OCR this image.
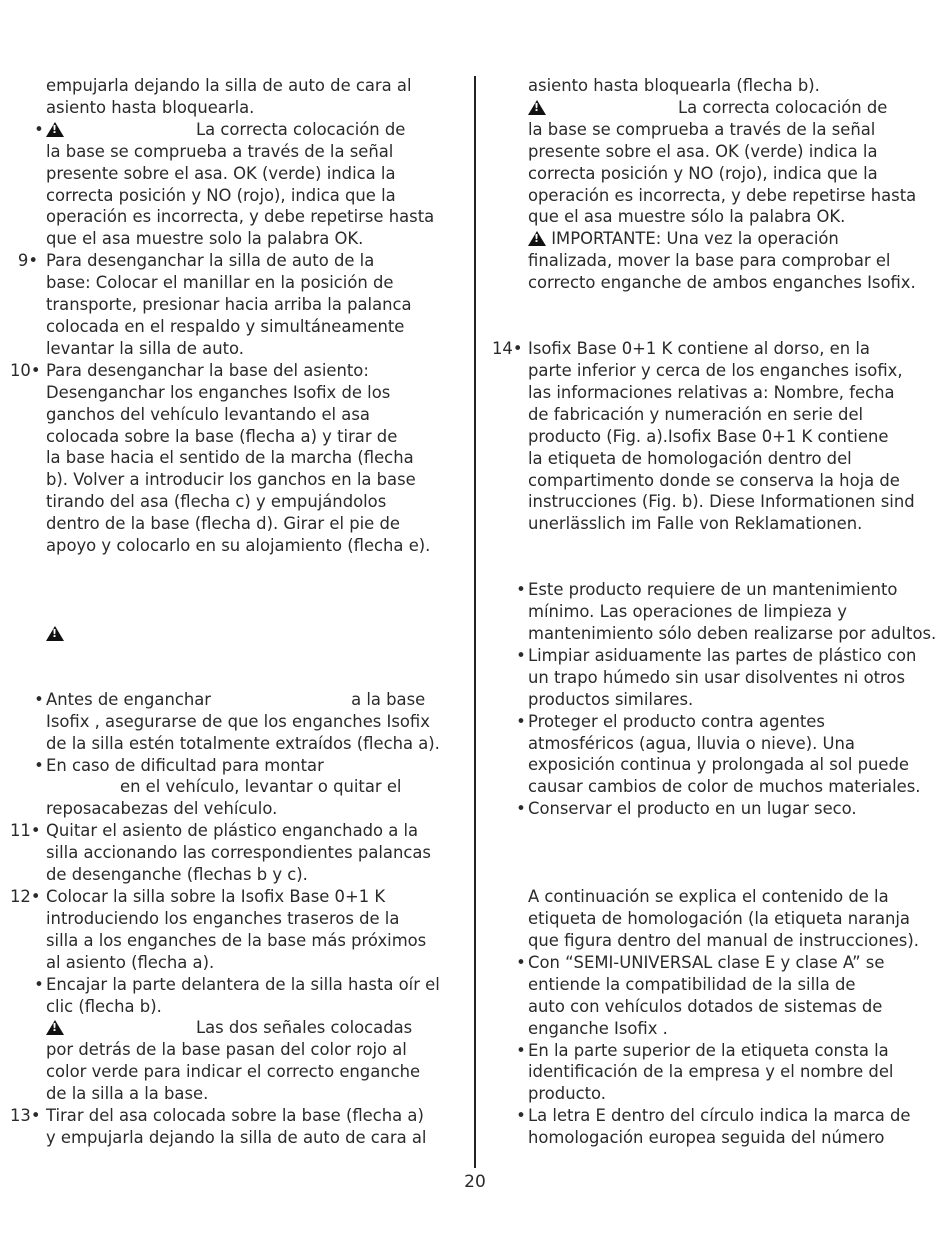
empujarla dejando la silla de auto de cara al
asiento hasta bloquearla.
•
!	La correcta colocación de
la base se comprueba a través de la señal
presente sobre el asa. OK (verde) indica la
correcta posición y NO (rojo), indica que la
operación es incorrecta, y debe repetirse hasta
que el asa muestre solo la palabra OK.
9• Para desenganchar la silla de auto de la
base: Colocar el manillar en la posición de
transporte, presionar hacia arriba la palanca
colocada en el respaldo y simultáneamente
levantar la silla de auto.
10• Para desenganchar la base del asiento:
Desenganchar los enganches Isofix de los
ganchos del vehículo levantando el asa
colocada sobre la base (flecha a) y tirar de
la base hacia el sentido de la marcha (flecha
b). Volver a introducir los ganchos en la base
tirando del asa (flecha c) y empujándolos
dentro de la base (flecha d). Girar el pie de
apoyo y colocarlo en su alojamiento (flecha e).
!
• Antes de enganchar	a la base
Isofix , asegurarse de que los enganches Isofix
de la silla estén totalmente extraídos (flecha a).
• En caso de dificultad para montar
en el vehículo, levantar o quitar el
reposacabezas del vehículo.
11• Quitar el asiento de plástico enganchado a la
silla accionando las correspondientes palancas
de desenganche (flechas b y c).
12• Colocar la silla sobre la Isofix Base 0+1 K
introduciendo los enganches traseros de la
silla a los enganches de la base más próximos
al asiento (flecha a).
• Encajar la parte delantera de la silla hasta oír el
clic (flecha b).
!Las dos señales colocadas
por detrás de la base pasan del color rojo al
color verde para indicar el correcto enganche
de la silla a la base.
13• Tirar del asa colocada sobre la base (flecha a)
y empujarla dejando la silla de auto de cara al
asiento hasta bloquearla (flecha b).
!La correcta colocación de
la base se comprueba a través de la señal
presente sobre el asa. OK (verde) indica la
correcta posición y NO (rojo), indica que la
operación es incorrecta, y debe repetirse hasta
que el asa muestre sólo la palabra OK.
! IMPORTANTE: Una vez la operación
finalizada, mover la base para comprobar el
correcto enganche de ambos enganches Isofix.
14• Isofix Base 0+1 K contiene al dorso, en la
parte inferior y cerca de los enganches isofix,
las informaciones relativas a: Nombre, fecha
de fabricación y numeración en serie del
producto (Fig. a).Isofix Base 0+1 K contiene
la etiqueta de homologación dentro del
compartimento donde se conserva la hoja de
instrucciones (Fig. b). Diese Informationen sind
unerlässlich im Falle von Reklamationen.
• Este producto requiere de un mantenimiento
mínimo. Las operaciones de limpieza y
mantenimiento sólo deben realizarse por adultos.
• Limpiar asiduamente las partes de plástico con
un trapo húmedo sin usar disolventes ni otros
productos similares.
• Proteger el producto contra agentes
atmosféricos (agua, lluvia o nieve). Una
exposición continua y prolongada al sol puede
causar cambios de color de muchos materiales.
• Conservar el producto en un lugar seco.
A continuación se explica el contenido de la
etiqueta de homologación (la etiqueta naranja
que figura dentro del manual de instrucciones).
• Con “SEMI-UNIVERSAL clase E y clase A” se
entiende la compatibilidad de la silla de
auto con vehículos dotados de sistemas de
enganche Isofix .
• En la parte superior de la etiqueta consta la
identificación de la empresa y el nombre del
producto.
• La letra E dentro del círculo indica la marca de
homologación europea seguida del número
20
